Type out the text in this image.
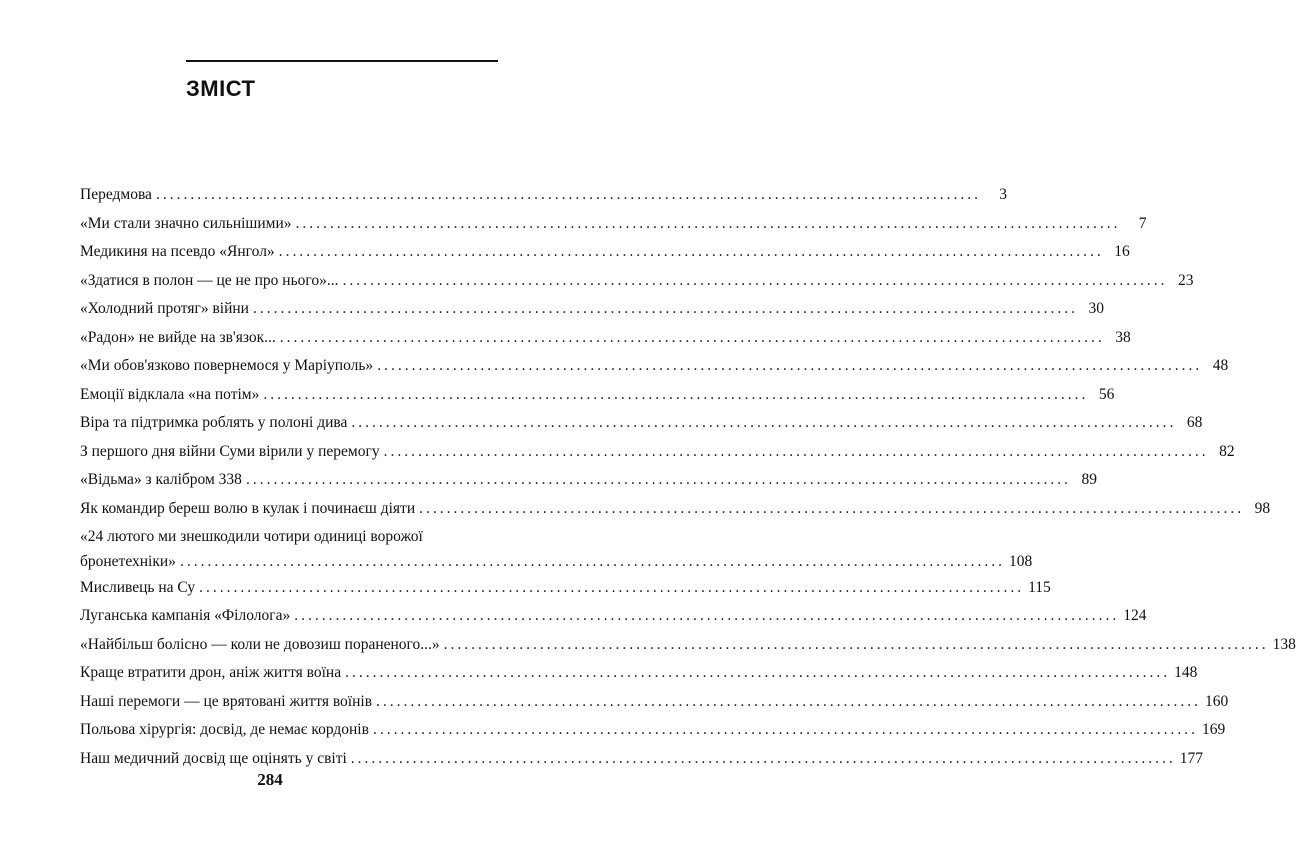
ЗМІСТ
Передмова ........................................................................................................................	3
«Ми стали значно сильнішими» ........................................................................................................................	7
Медикиня на псевдо «Янгол» ........................................................................................................................ 16
«Здатися в полон — це не про нього»... ........................................................................................................................ 23
«Холодний протяг» війни ........................................................................................................................ 30
«Радон» не вийде на зв'язок... ........................................................................................................................ 38
«Ми обов'язково повернемося у Маріуполь» ........................................................................................................................ 48
Емоції відклала «на потім» ........................................................................................................................ 56
Віра та підтримка роблять у полоні дива ........................................................................................................................ 68
З першого дня війни Суми вірили у перемогу ........................................................................................................................ 82
«Відьма» з калібром 338 ........................................................................................................................ 89
Як командир береш волю в кулак і починаєш діяти ........................................................................................................................ 98
«24 лютого ми знешкодили чотири одиниці ворожої
бронетехніки» ........................................................................................................................ 108
Мисливець на Су ........................................................................................................................ 115
Луганська кампанія «Філолога» ........................................................................................................................ 124
«Найбільш болісно — коли не довозиш пораненого...» ........................................................................................................................ 138
Краще втратити дрон, аніж життя воїна ........................................................................................................................ 148
Наші перемоги — це врятовані життя воїнів ........................................................................................................................ 160
Польова хірургія: досвід, де немає кордонів ........................................................................................................................ 169
Наш медичний досвід ще оцінять у світі ........................................................................................................................ 177
284
